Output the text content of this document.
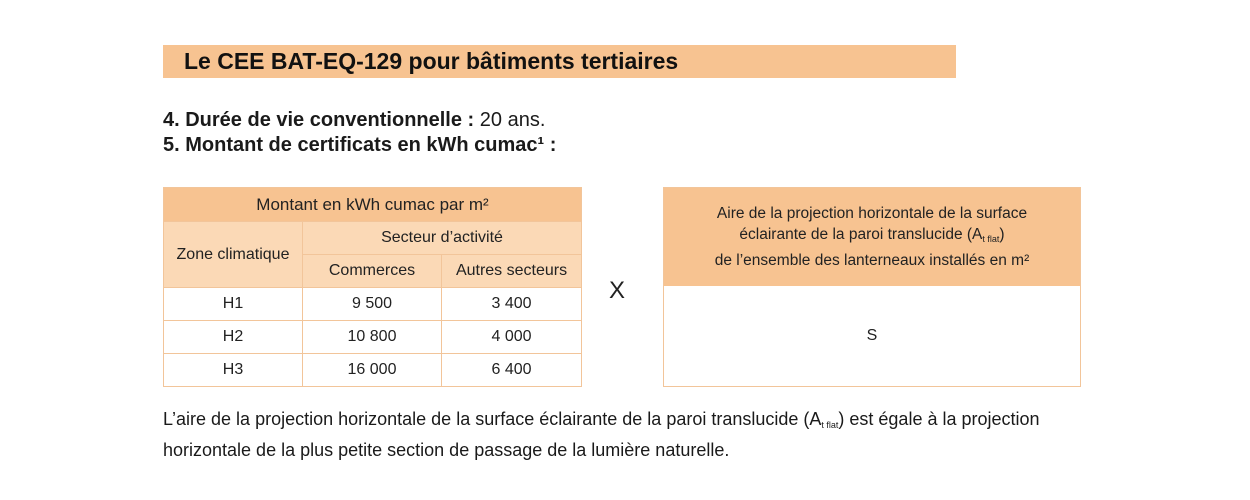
Le CEE BAT-EQ-129 pour bâtiments tertiaires
4. Durée de vie conventionnelle : 20 ans.
5. Montant de certificats en kWh cumac¹ :
Montant en kWh cumac par m²		
Zone climatique	Secteur d’activité	
	Commerces	Autres secteurs
H1	9 500	3 400
H2	10 800	4 000
H3	16 000	6 400
X
Aire de la projection horizontale de la surface
éclairante de la paroi translucide $(A_{t flat})$
de l’ensemble des lanterneaux installés en m²
S
L’aire de la projection horizontale de la surface éclairante de la paroi translucide $(A_{t flat})$ est égale à la projection horizontale de la plus petite section de passage de la lumière naturelle.
